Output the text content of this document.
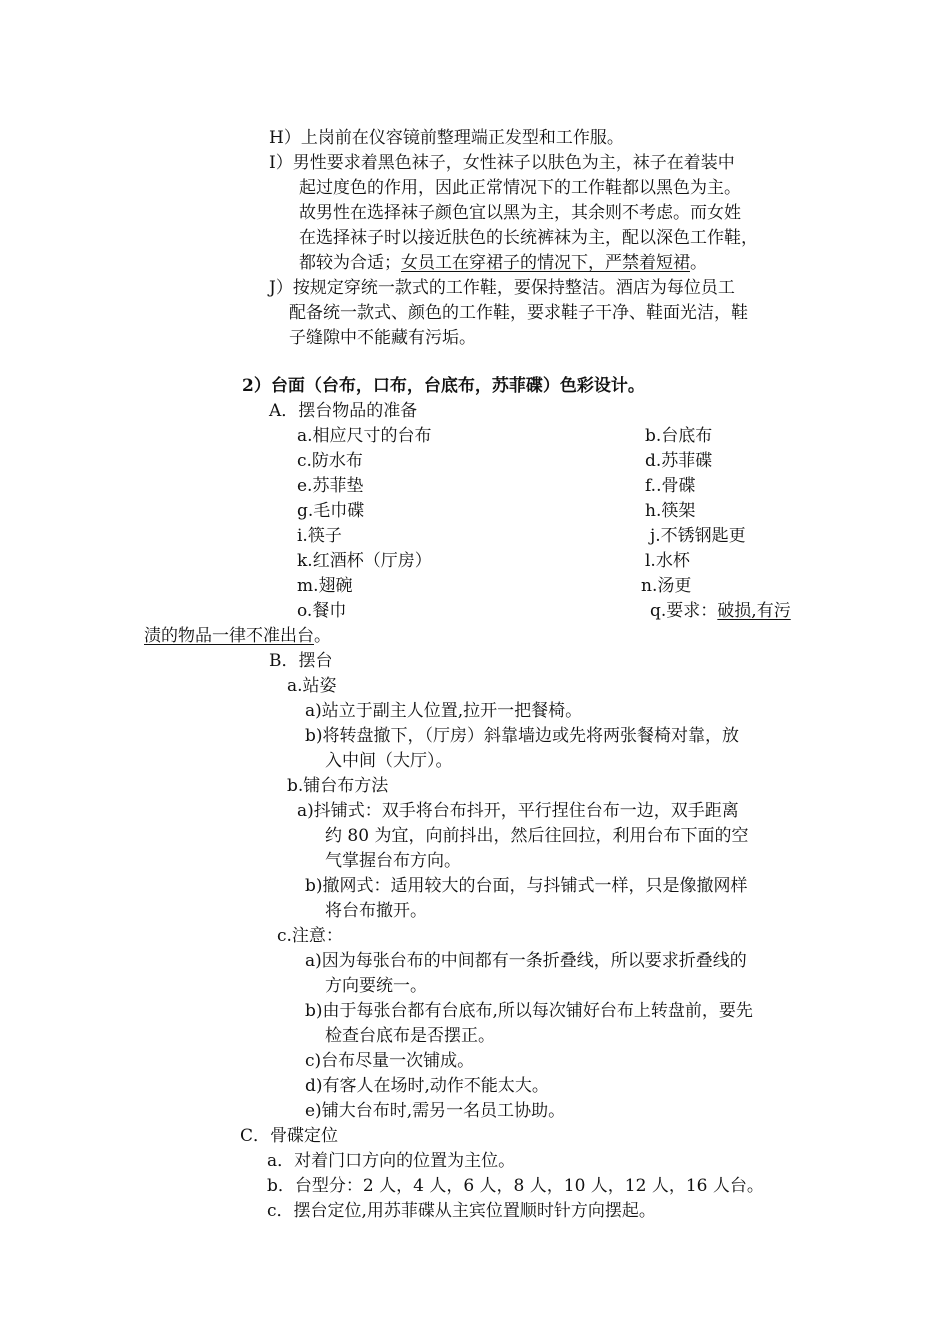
H）上岗前在仪容镜前整理端正发型和工作服。
I）男性要求着黑色袜子，女性袜子以肤色为主，袜子在着装中
起过度色的作用，因此正常情况下的工作鞋都以黑色为主。
故男性在选择袜子颜色宜以黑为主，其余则不考虑。而女姓
在选择袜子时以接近肤色的长统裤袜为主，配以深色工作鞋，
都较为合适；女员工在穿裙子的情况下，严禁着短裙。
J）按规定穿统一款式的工作鞋，要保持整洁。酒店为每位员工
配备统一款式、颜色的工作鞋，要求鞋子干净、鞋面光洁，鞋
子缝隙中不能藏有污垢。
2）台面（台布，口布，台底布，苏菲碟）色彩设计。
A．摆台物品的准备
a.相应尺寸的台布	b.台底布
c.防水布	d.苏菲碟
e.苏菲垫	f..骨碟
g.毛巾碟	h.筷架
i.筷子	j.不锈钢匙更
k.红酒杯（厅房）	l.水杯
m.翅碗	n.汤更
o.餐巾	q.要求：破损,有污
渍的物品一律不准出台。
B．摆台
a.站姿
a)站立于副主人位置,拉开一把餐椅。
b)将转盘撤下，（厅房）斜靠墙边或先将两张餐椅对靠，放
入中间（大厅）。
b.铺台布方法
a)抖铺式：双手将台布抖开，平行捏住台布一边，双手距离
约 80 为宜，向前抖出，然后往回拉，利用台布下面的空
气掌握台布方向。
b)撤网式：适用较大的台面，与抖铺式一样，只是像撤网样
将台布撤开。
c.注意：
a)因为每张台布的中间都有一条折叠线，所以要求折叠线的
方向要统一。
b)由于每张台都有台底布,所以每次铺好台布上转盘前，要先
检查台底布是否摆正。
c)台布尽量一次铺成。
d)有客人在场时,动作不能太大。
e)铺大台布时,需另一名员工协助。
C．骨碟定位
a．对着门口方向的位置为主位。
b．台型分：2 人，4 人，6 人，8 人，10 人，12 人，16 人台。
c．摆台定位,用苏菲碟从主宾位置顺时针方向摆起。
